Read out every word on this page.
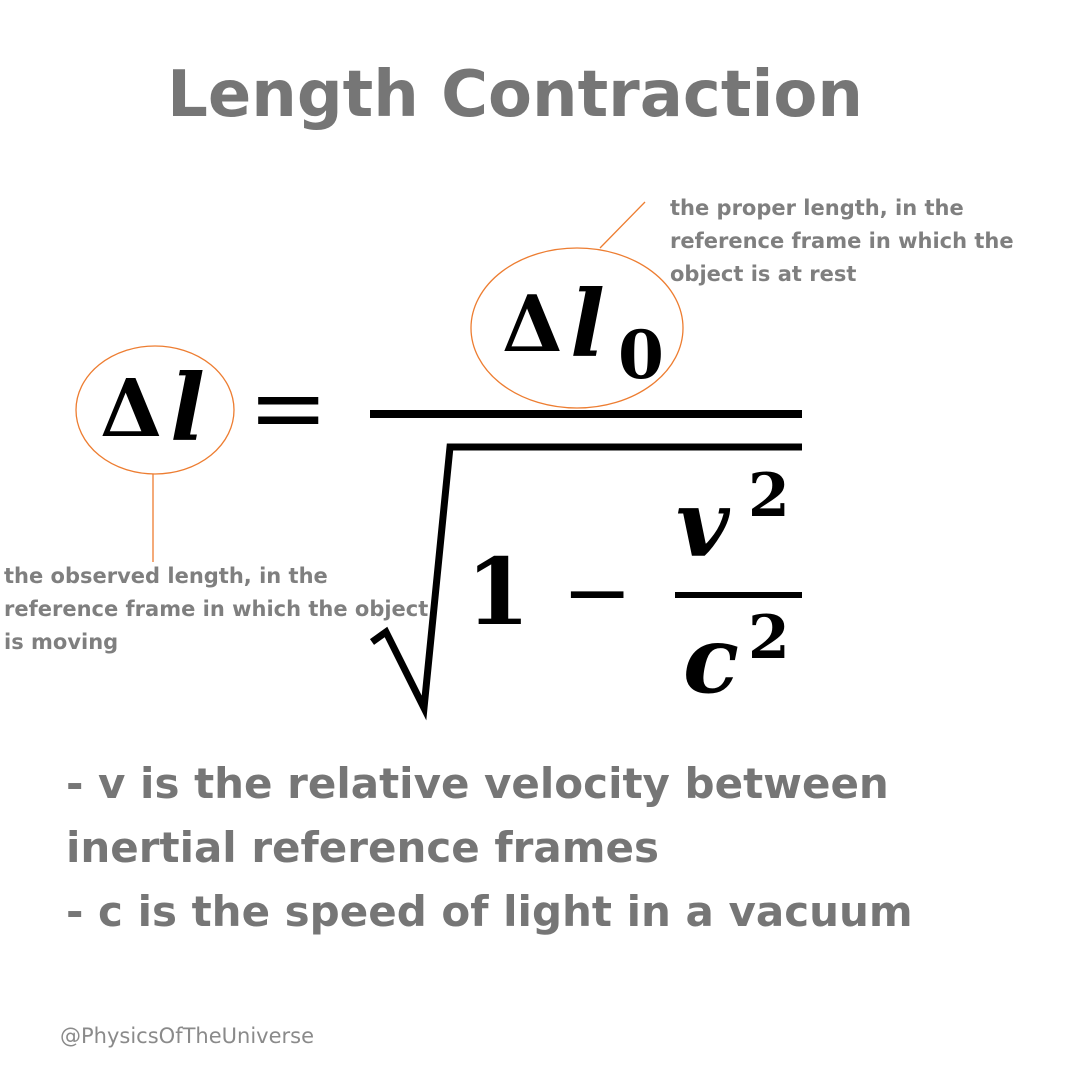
Length Contraction
Δ l =
Δ l 0
1 −
v 2
c 2
the proper length, in the reference frame in which the object is at rest
the observed length, in the reference frame in which the object is moving
- v is the relative velocity between inertial reference frames
- c is the speed of light in a vacuum
@PhysicsOfTheUniverse
